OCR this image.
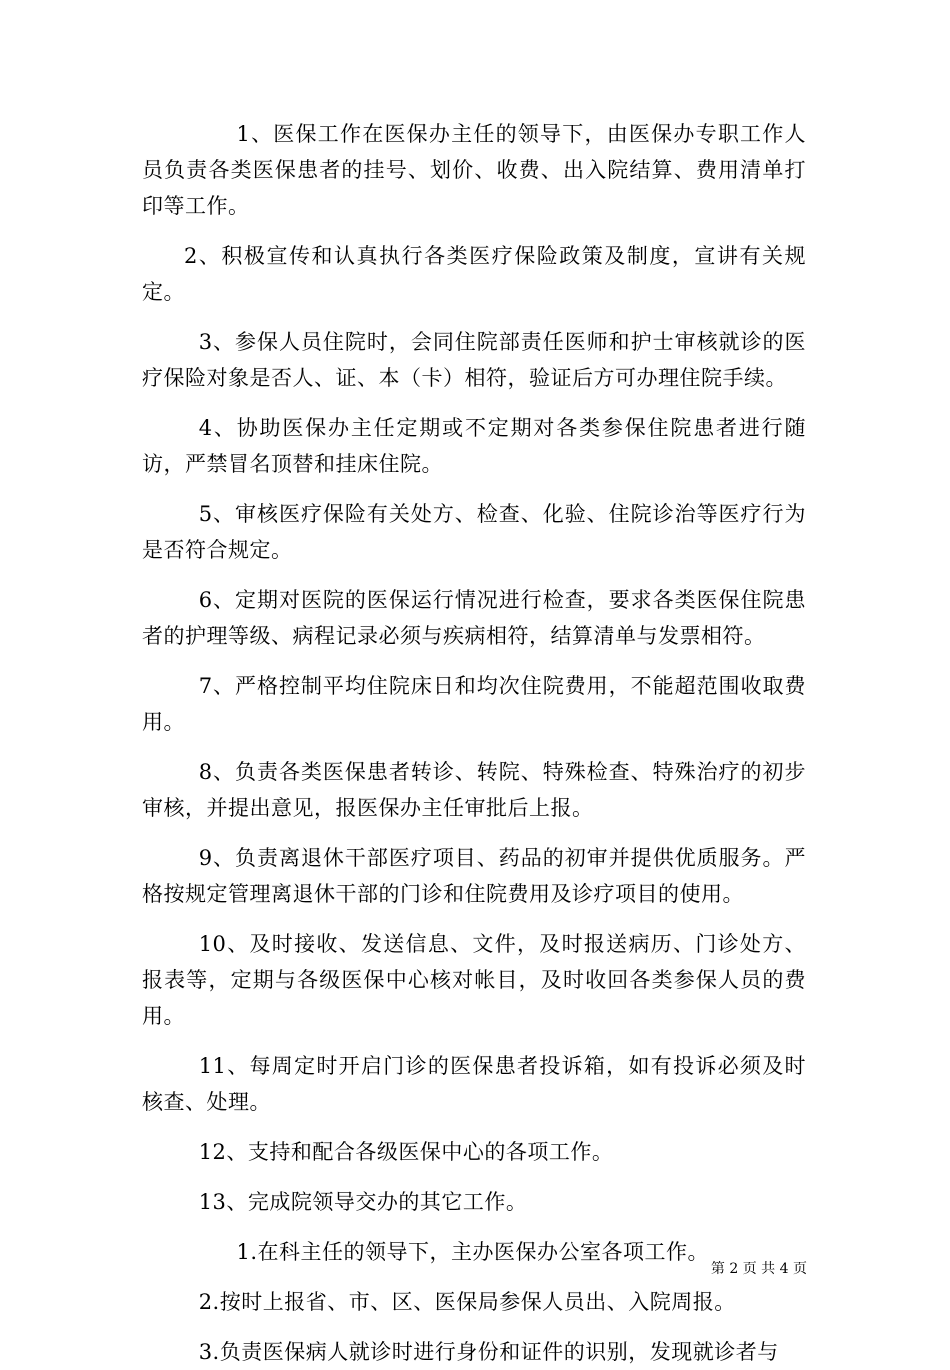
1、医保工作在医保办主任的领导下，由医保办专职工作人员负责各类医保患者的挂号、划价、收费、出入院结算、费用清单打印等工作。

2、积极宣传和认真执行各类医疗保险政策及制度，宣讲有关规定。

3、参保人员住院时，会同住院部责任医师和护士审核就诊的医疗保险对象是否人、证、本（卡）相符，验证后方可办理住院手续。

4、协助医保办主任定期或不定期对各类参保住院患者进行随访，严禁冒名顶替和挂床住院。

5、审核医疗保险有关处方、检查、化验、住院诊治等医疗行为是否符合规定。

6、定期对医院的医保运行情况进行检查，要求各类医保住院患者的护理等级、病程记录必须与疾病相符，结算清单与发票相符。

7、严格控制平均住院床日和均次住院费用，不能超范围收取费用。

8、负责各类医保患者转诊、转院、特殊检查、特殊治疗的初步审核，并提出意见，报医保办主任审批后上报。

9、负责离退休干部医疗项目、药品的初审并提供优质服务。严格按规定管理离退休干部的门诊和住院费用及诊疗项目的使用。

10、及时接收、发送信息、文件，及时报送病历、门诊处方、报表等，定期与各级医保中心核对帐目，及时收回各类参保人员的费用。

11、每周定时开启门诊的医保患者投诉箱，如有投诉必须及时核查、处理。

12、支持和配合各级医保中心的各项工作。

13、完成院领导交办的其它工作。

1.在科主任的领导下，主办医保办公室各项工作。

2.按时上报省、市、区、医保局参保人员出、入院周报。

3.负责医保病人就诊时进行身份和证件的识别，发现就诊者与

第 2 页 共 4 页
